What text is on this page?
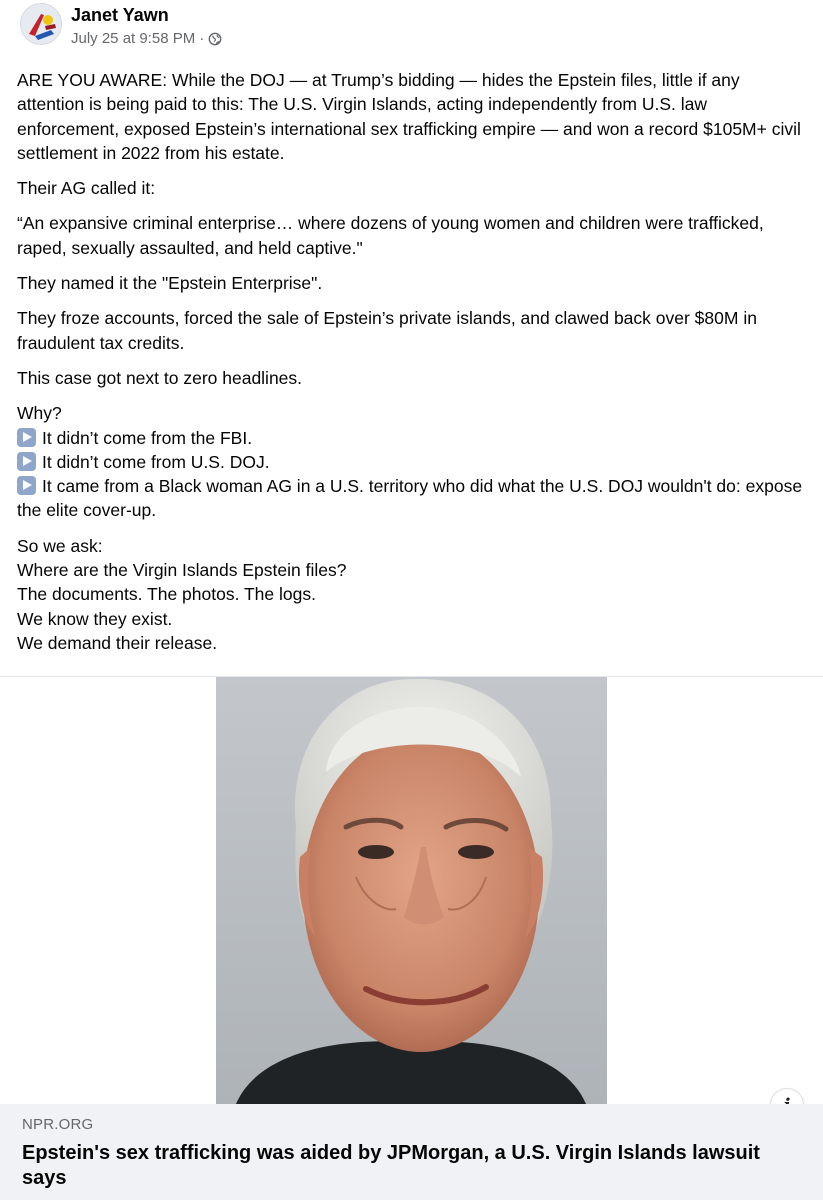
Janet Yawn
July 25 at 9:58 PM ·

ARE YOU AWARE: While the DOJ — at Trump’s bidding — hides the Epstein files, little if any attention is being paid to this: The U.S. Virgin Islands, acting independently from U.S. law enforcement, exposed Epstein’s international sex trafficking empire — and won a record $105M+ civil settlement in 2022 from his estate.

Their AG called it:

“An expansive criminal enterprise… where dozens of young women and children were trafficked, raped, sexually assaulted, and held captive."

They named it the "Epstein Enterprise".

They froze accounts, forced the sale of Epstein’s private islands, and clawed back over $80M in fraudulent tax credits.

This case got next to zero headlines.

Why?
It didn’t come from the FBI.
It didn’t come from U.S. DOJ.
It came from a Black woman AG in a U.S. territory who did what the U.S. DOJ wouldn't do: expose the elite cover-up.

So we ask:
Where are the Virgin Islands Epstein files?
The documents. The photos. The logs.
We know they exist.
We demand their release.

NPR.ORG
Epstein's sex trafficking was aided by JPMorgan, a U.S. Virgin Islands lawsuit says
